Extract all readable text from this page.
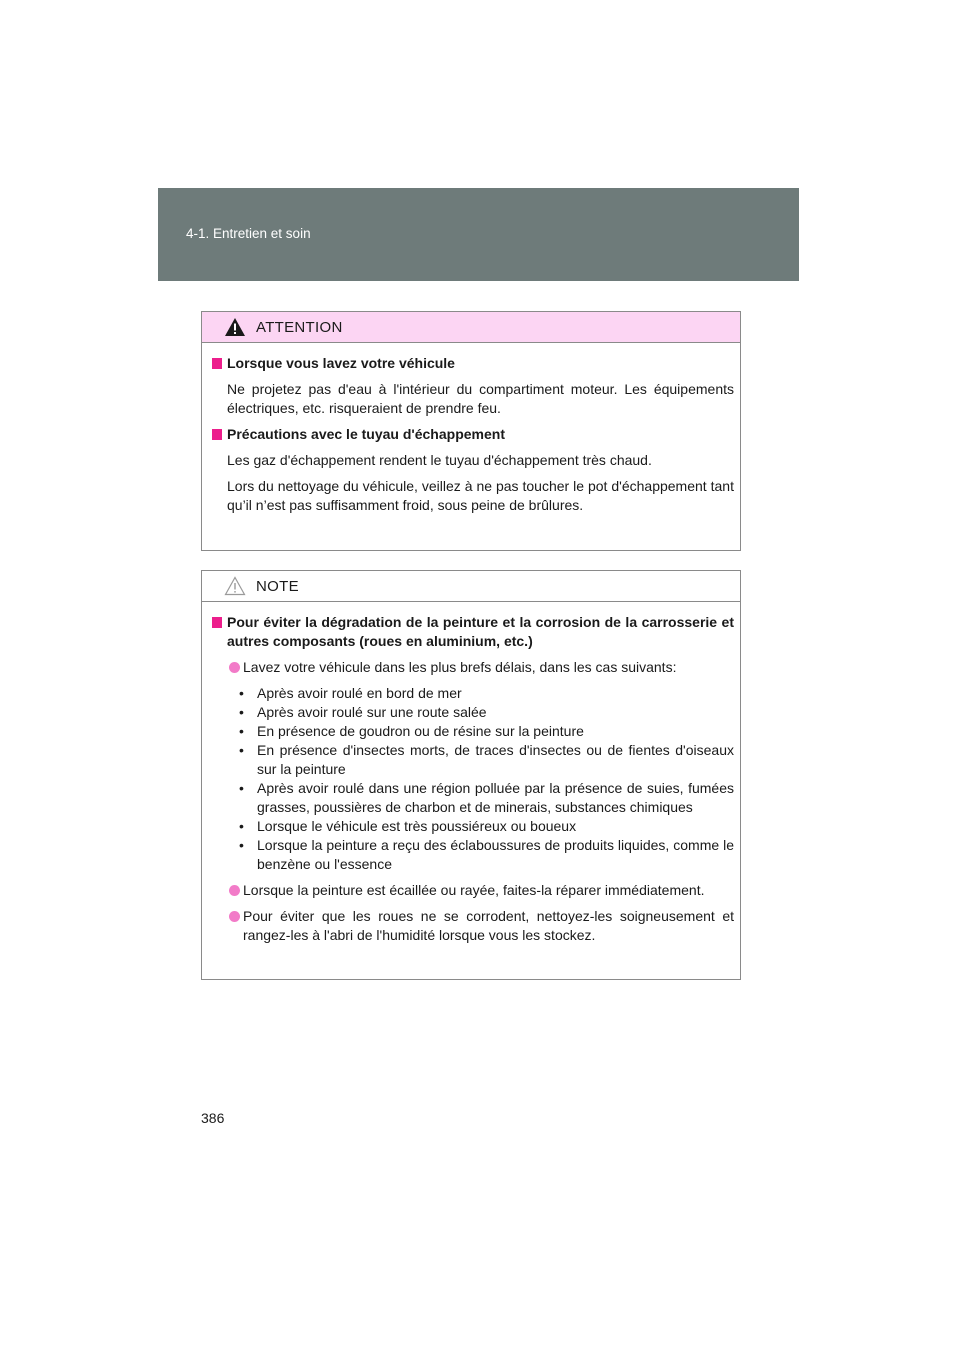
4-1. Entretien et soin
ATTENTION
Lorsque vous lavez votre véhicule

Ne projetez pas d'eau à l'intérieur du compartiment moteur. Les équipements électriques, etc. risqueraient de prendre feu.

Précautions avec le tuyau d'échappement

Les gaz d'échappement rendent le tuyau d'échappement très chaud.

Lors du nettoyage du véhicule, veillez à ne pas toucher le pot d'échappement tant qu’il n’est pas suffisamment froid, sous peine de brûlures.

NOTE
Pour éviter la dégradation de la peinture et la corrosion de la carrosserie et autres composants (roues en aluminium, etc.)
Lavez votre véhicule dans les plus brefs délais, dans les cas suivants:
• Après avoir roulé en bord de mer
• Après avoir roulé sur une route salée
• En présence de goudron ou de résine sur la peinture
• En présence d'insectes morts, de traces d'insectes ou de fientes d'oiseaux sur la peinture
• Après avoir roulé dans une région polluée par la présence de suies, fumées grasses, poussières de charbon et de minerais, substances chimiques
• Lorsque le véhicule est très poussiéreux ou boueux
• Lorsque la peinture a reçu des éclaboussures de produits liquides, comme le benzène ou l'essence
Lorsque la peinture est écaillée ou rayée, faites-la réparer immédiatement.
Pour éviter que les roues ne se corrodent, nettoyez-les soigneusement et rangez-les à l'abri de l'humidité lorsque vous les stockez.
386
